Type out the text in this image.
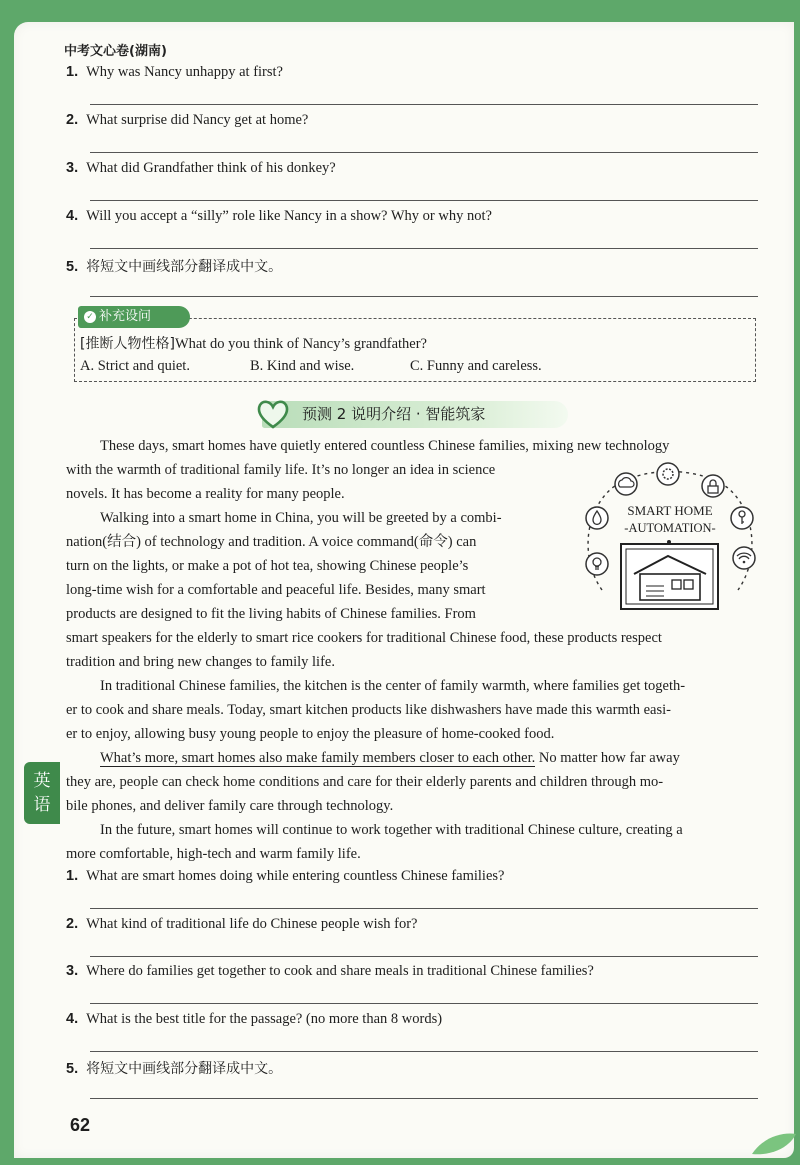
英
语
中考文心卷(湖南)
1. Why was Nancy unhappy at first?
2. What surprise did Nancy get at home?
3. What did Grandfather think of his donkey?
4. Will you accept a “silly” role like Nancy in a show? Why or why not?
5. 将短文中画线部分翻译成中文。
✓ 补充设问
[推断人物性格]What do you think of Nancy’s grandfather?
A. Strict and quiet.	B. Kind and wise.	C. Funny and careless.
预测 2 说明介绍 · 智能筑家
These days, smart homes have quietly entered countless Chinese families, mixing new technology
with the warmth of traditional family life. It’s no longer an idea in science
novels. It has become a reality for many people.
Walking into a smart home in China, you will be greeted by a combi-
nation(结合) of technology and tradition. A voice command(命令) can
turn on the lights, or make a pot of hot tea, showing Chinese people’s
long-time wish for a comfortable and peaceful life. Besides, many smart
products are designed to fit the living habits of Chinese families. From
smart speakers for the elderly to smart rice cookers for traditional Chinese food, these products respect
tradition and bring new changes to family life.
In traditional Chinese families, the kitchen is the center of family warmth, where families get togeth-
er to cook and share meals. Today, smart kitchen products like dishwashers have made this warmth easi-
er to enjoy, allowing busy young people to enjoy the pleasure of home-cooked food.
What’s more, smart homes also make family members closer to each other. No matter how far away
they are, people can check home conditions and care for their elderly parents and children through mo-
bile phones, and deliver family care through technology.
In the future, smart homes will continue to work together with traditional Chinese culture, creating a
more comfortable, high-tech and warm family life.
SMART HOME
-AUTOMATION-
1. What are smart homes doing while entering countless Chinese families?
2. What kind of traditional life do Chinese people wish for?
3. Where do families get together to cook and share meals in traditional Chinese families?
4. What is the best title for the passage? (no more than 8 words)
5. 将短文中画线部分翻译成中文。
62
